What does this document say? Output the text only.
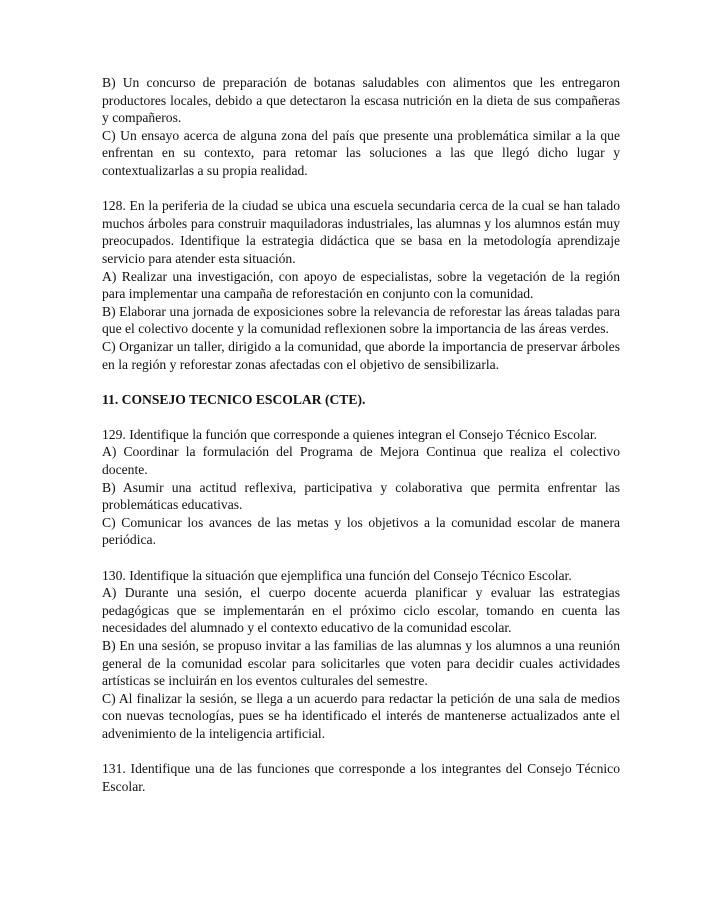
B) Un concurso de preparación de botanas saludables con alimentos que les entregaron productores locales, debido a que detectaron la escasa nutrición en la dieta de sus compañeras y compañeros.

C) Un ensayo acerca de alguna zona del país que presente una problemática similar a la que enfrentan en su contexto, para retomar las soluciones a las que llegó dicho lugar y contextualizarlas a su propia realidad.

128. En la periferia de la ciudad se ubica una escuela secundaria cerca de la cual se han talado muchos árboles para construir maquiladoras industriales, las alumnas y los alumnos están muy preocupados. Identifique la estrategia didáctica que se basa en la metodología aprendizaje servicio para atender esta situación.

A) Realizar una investigación, con apoyo de especialistas, sobre la vegetación de la región para implementar una campaña de reforestación en conjunto con la comunidad.

B) Elaborar una jornada de exposiciones sobre la relevancia de reforestar las áreas taladas para que el colectivo docente y la comunidad reflexionen sobre la importancia de las áreas verdes.

C) Organizar un taller, dirigido a la comunidad, que aborde la importancia de preservar árboles en la región y reforestar zonas afectadas con el objetivo de sensibilizarla.

11. CONSEJO TECNICO ESCOLAR (CTE).

129. Identifique la función que corresponde a quienes integran el Consejo Técnico Escolar.

A) Coordinar la formulación del Programa de Mejora Continua que realiza el colectivo docente.

B) Asumir una actitud reflexiva, participativa y colaborativa que permita enfrentar las problemáticas educativas.

C) Comunicar los avances de las metas y los objetivos a la comunidad escolar de manera periódica.

130. Identifique la situación que ejemplifica una función del Consejo Técnico Escolar.

A) Durante una sesión, el cuerpo docente acuerda planificar y evaluar las estrategias pedagógicas que se implementarán en el próximo ciclo escolar, tomando en cuenta las necesidades del alumnado y el contexto educativo de la comunidad escolar.

B) En una sesión, se propuso invitar a las familias de las alumnas y los alumnos a una reunión general de la comunidad escolar para solicitarles que voten para decidir cuales actividades artísticas se incluirán en los eventos culturales del semestre.

C) Al finalizar la sesión, se llega a un acuerdo para redactar la petición de una sala de medios con nuevas tecnologías, pues se ha identificado el interés de mantenerse actualizados ante el advenimiento de la inteligencia artificial.

131. Identifique una de las funciones que corresponde a los integrantes del Consejo Técnico Escolar.
